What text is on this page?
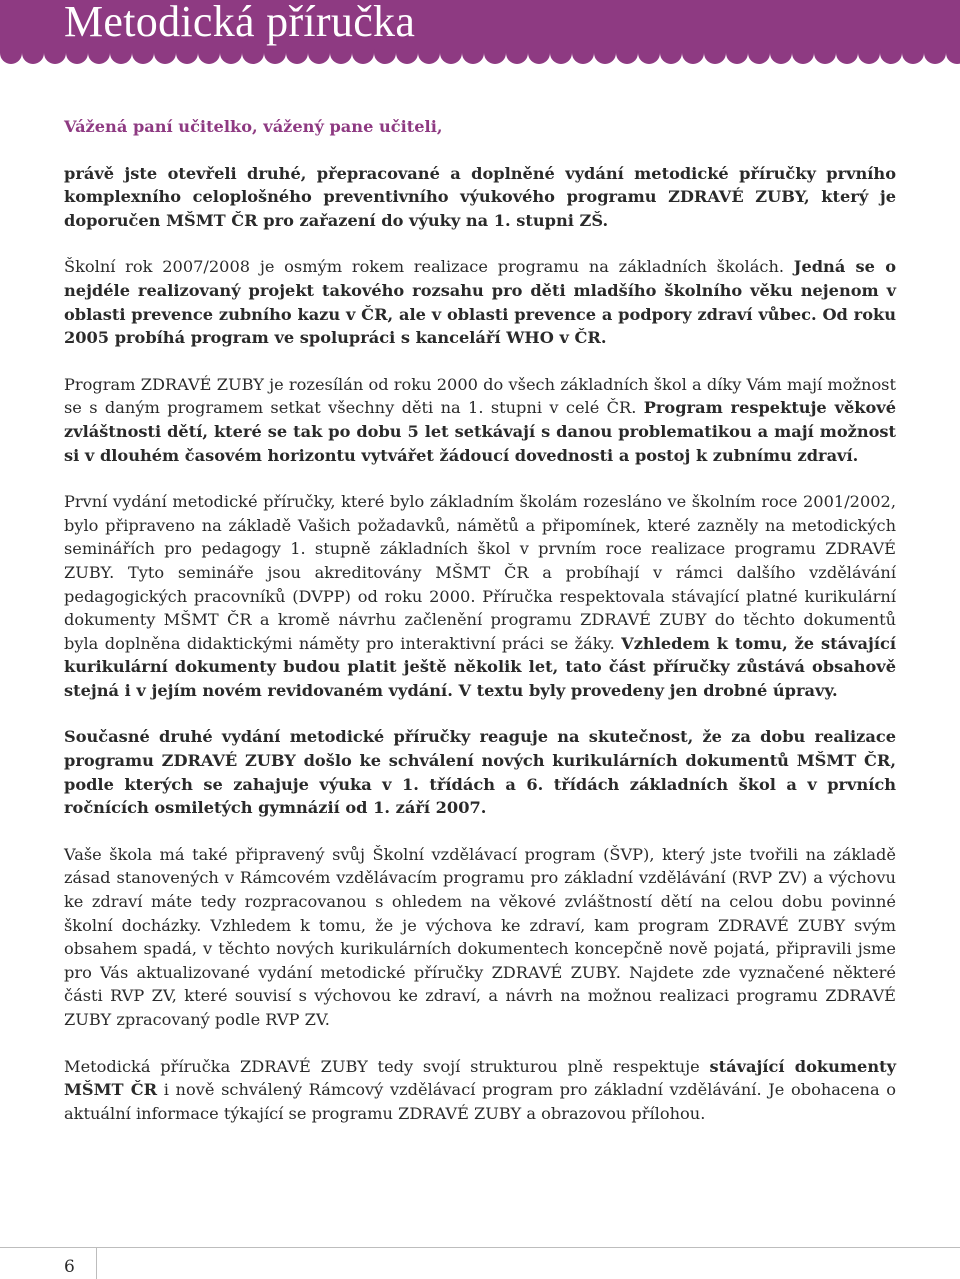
Metodická příručka

Vážená paní učitelko, vážený pane učiteli,

právě jste otevřeli druhé, přepracované a doplněné vydání metodické příručky prvního komplexního celoplošného preventivního výukového programu ZDRAVÉ ZUBY, který je doporučen MŠMT ČR pro zařazení do výuky na 1. stupni ZŠ.

Školní rok 2007/2008 je osmým rokem realizace programu na základních školách. Jedná se o nejdéle realizovaný projekt takového rozsahu pro děti mladšího školního věku nejenom v oblasti prevence zubního kazu v ČR, ale v oblasti prevence a podpory zdraví vůbec. Od roku 2005 probíhá program ve spolupráci s kanceláří WHO v ČR.

Program ZDRAVÉ ZUBY je rozesílán od roku 2000 do všech základních škol a díky Vám mají možnost se s daným programem setkat všechny děti na 1. stupni v celé ČR. Program respektuje věkové zvláštnosti dětí, které se tak po dobu 5 let setkávají s danou problematikou a mají možnost si v dlouhém časovém horizontu vytvářet žádoucí dovednosti a postoj k zubnímu zdraví.

První vydání metodické příručky, které bylo základním školám rozesláno ve školním roce 2001/2002, bylo připraveno na základě Vašich požadavků, námětů a připomínek, které zazněly na metodických seminářích pro pedagogy 1. stupně základních škol v prvním roce realizace programu ZDRAVÉ ZUBY. Tyto semináře jsou akreditovány MŠMT ČR a probíhají v rámci dalšího vzdělávání pedagogických pracovníků (DVPP) od roku 2000. Příručka respektovala stávající platné kurikulární dokumenty MŠMT ČR a kromě návrhu začlenění programu ZDRAVÉ ZUBY do těchto dokumentů byla doplněna didaktickými náměty pro interaktivní práci se žáky. Vzhledem k tomu, že stávající kurikulární dokumenty budou platit ještě několik let, tato část příručky zůstává obsahově stejná i v jejím novém revidovaném vydání. V textu byly provedeny jen drobné úpravy.

Současné druhé vydání metodické příručky reaguje na skutečnost, že za dobu realizace programu ZDRAVÉ ZUBY došlo ke schválení nových kurikulárních dokumentů MŠMT ČR, podle kterých se zahajuje výuka v 1. třídách a 6. třídách základních škol a v prvních ročnících osmiletých gymnázií od 1. září 2007.

Vaše škola má také připravený svůj Školní vzdělávací program (ŠVP), který jste tvořili na základě zásad stanovených v Rámcovém vzdělávacím programu pro základní vzdělávání (RVP ZV) a výchovu ke zdraví máte tedy rozpracovanou s ohledem na věkové zvláštností dětí na celou dobu povinné školní docházky. Vzhledem k tomu, že je výchova ke zdraví, kam program ZDRAVÉ ZUBY svým obsahem spadá, v těchto nových kurikulárních dokumentech koncepčně nově pojatá, připravili jsme pro Vás aktualizované vydání metodické příručky ZDRAVÉ ZUBY. Najdete zde vyznačené některé části RVP ZV, které souvisí s výchovou ke zdraví, a návrh na možnou realizaci programu ZDRAVÉ ZUBY zpracovaný podle RVP ZV.

Metodická příručka ZDRAVÉ ZUBY tedy svojí strukturou plně respektuje stávající dokumenty MŠMT ČR i nově schválený Rámcový vzdělávací program pro základní vzdělávání. Je obohacena o aktuální informace týkající se programu ZDRAVÉ ZUBY a obrazovou přílohou.

6
